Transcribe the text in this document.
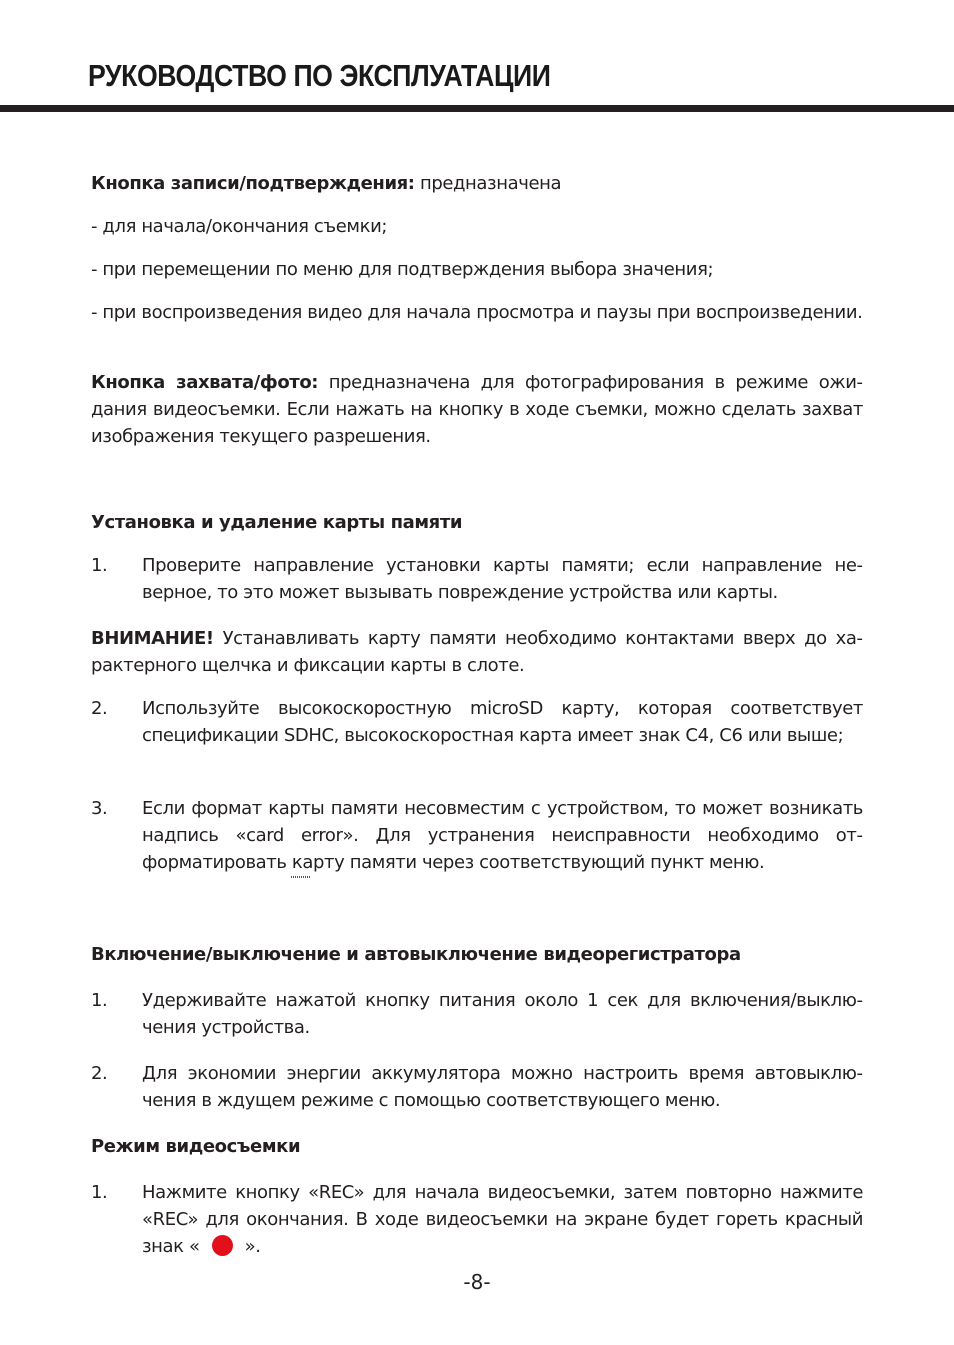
РУКОВОДСТВО ПО ЭКСПЛУАТАЦИИ

Кнопка записи/подтверждения: предназначена

- для начала/окончания съемки;

- при перемещении по меню для подтверждения выбора значения;

- при воспроизведения видео для начала просмотра и паузы при воспроизведении.

Кнопка захвата/фото: предназначена для фотографирования в режиме ожидания видеосъемки. Если нажать на кнопку в ходе съемки, можно сделать захват изображения текущего разрешения.

Установка и удаление карты памяти
1. Проверите направление установки карты памяти; если направление неверное, то это может вызывать повреждение устройства или карты.

ВНИМАНИЕ! Устанавливать карту памяти необходимо контактами вверх до характерного щелчка и фиксации карты в слоте.

2. Используйте высокоскоростную microSD карту, которая соответствует спецификации SDHC, высокоскоростная карта имеет знак C4, C6 или выше;
3. Если формат карты памяти несовместим с устройством, то может возникать надпись «card error». Для устранения неисправности необходимо отформатировать карту памяти через соответствующий пункт меню.
Включение/выключение и автовыключение видеорегистратора
1. Удерживайте нажатой кнопку питания около 1 сек для включения/выключения устройства.
2. Для экономии энергии аккумулятора можно настроить время автовыключения в ждущем режиме с помощью соответствующего меню.
Режим видеосъемки
1. Нажмите кнопку «REC» для начала видеосъемки, затем повторно нажмите «REC» для окончания. В ходе видеосъемки на экране будет гореть красный знак «	».
-8-
